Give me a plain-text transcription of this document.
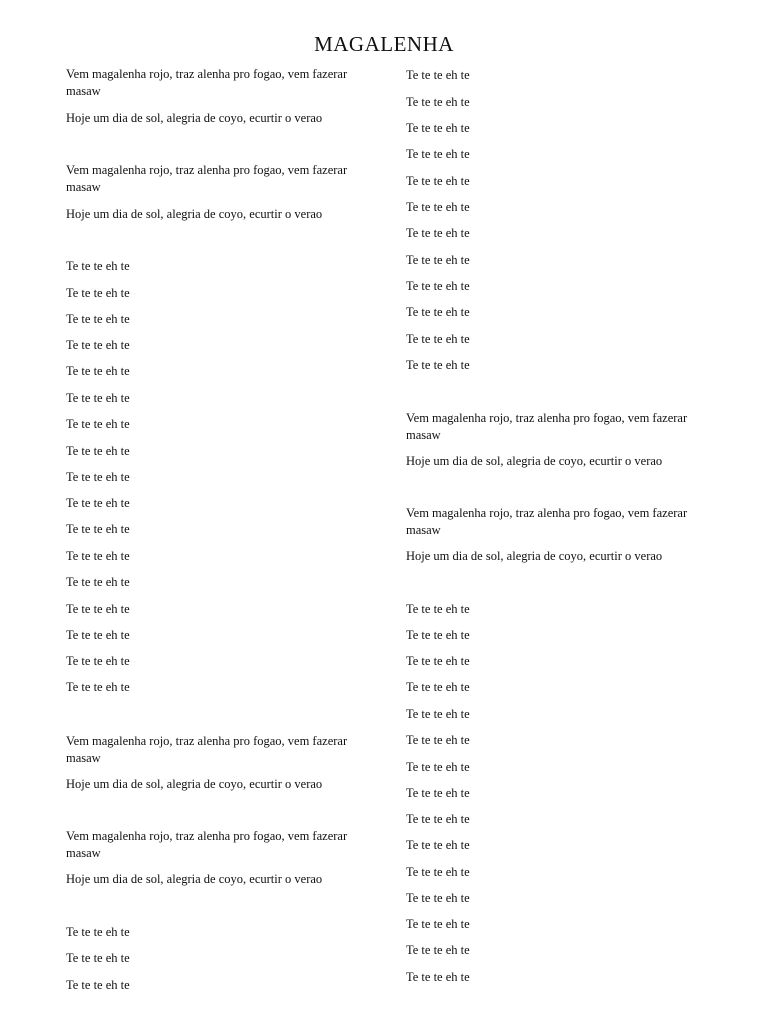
MAGALENHA
Vem magalenha rojo, traz alenha pro fogao, vem fazerar masaw
Hoje um dia de sol, alegria de coyo, ecurtir o verao
Vem magalenha rojo, traz alenha pro fogao, vem fazerar masaw
Hoje um dia de sol, alegria de coyo, ecurtir o verao
Te te te eh te
Te te te eh te
Te te te eh te
Te te te eh te
Te te te eh te
Te te te eh te
Te te te eh te
Te te te eh te
Te te te eh te
Te te te eh te
Te te te eh te
Te te te eh te
Te te te eh te
Te te te eh te
Te te te eh te
Te te te eh te
Te te te eh te
Vem magalenha rojo, traz alenha pro fogao, vem fazerar masaw
Hoje um dia de sol, alegria de coyo, ecurtir o verao
Vem magalenha rojo, traz alenha pro fogao, vem fazerar masaw
Hoje um dia de sol, alegria de coyo, ecurtir o verao
Te te te eh te
Te te te eh te
Te te te eh te
Te te te eh te
Te te te eh te
Te te te eh te
Te te te eh te
Te te te eh te
Te te te eh te
Te te te eh te
Te te te eh te
Te te te eh te
Te te te eh te
Te te te eh te
Te te te eh te
Vem magalenha rojo, traz alenha pro fogao, vem fazerar masaw
Hoje um dia de sol, alegria de coyo, ecurtir o verao
Vem magalenha rojo, traz alenha pro fogao, vem fazerar masaw
Hoje um dia de sol, alegria de coyo, ecurtir o verao
Te te te eh te
Te te te eh te
Te te te eh te
Te te te eh te
Te te te eh te
Te te te eh te
Te te te eh te
Te te te eh te
Te te te eh te
Te te te eh te
Te te te eh te
Te te te eh te
Te te te eh te
Te te te eh te
Te te te eh te
